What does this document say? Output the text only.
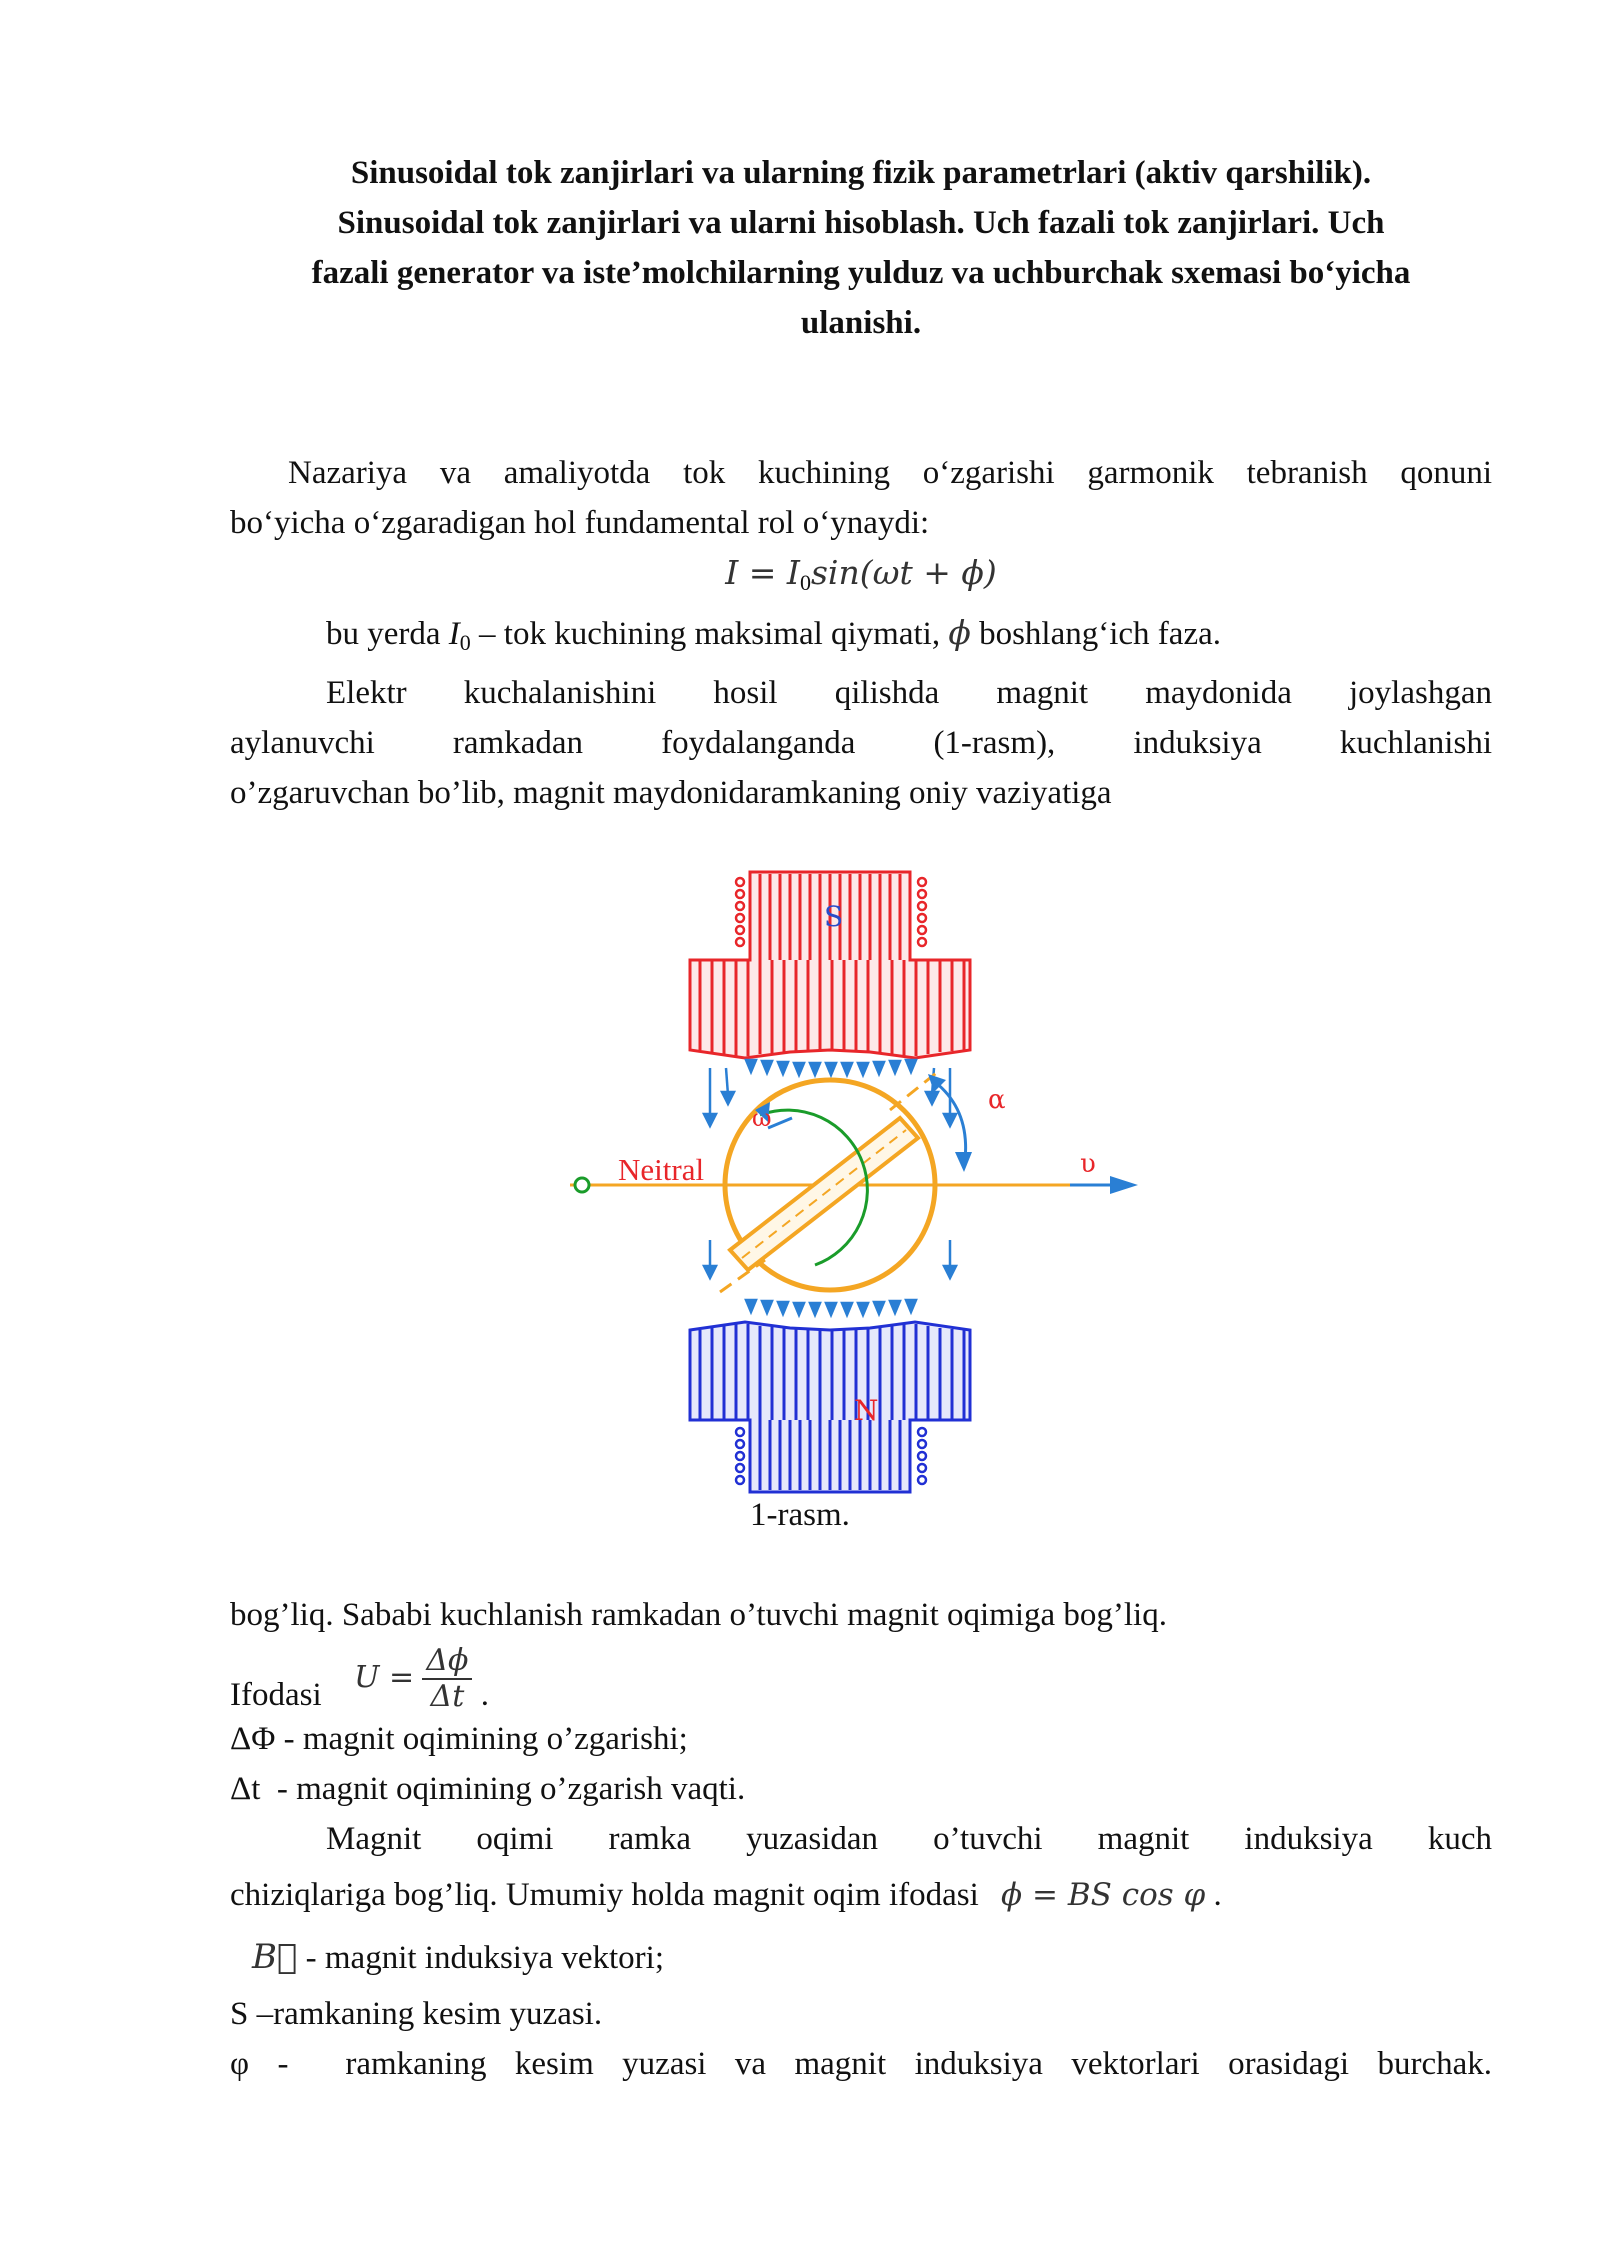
Sinusoidal tok zanjirlari va ularning fizik parametrlari (aktiv qarshilik).

Sinusoidal tok zanjirlari va ularni hisoblash. Uch fazali tok zanjirlari. Uch

fazali generator va iste’molchilarning yulduz va uchburchak sxemasi bo‘yicha

ulanishi.

Nazariya va amaliyotda tok kuchining o‘zgarishi garmonik tebranish qonuni

bo‘yicha o‘zgaradigan hol fundamental rol o‘ynaydi:

$I = I_0\sin(\omega t + \phi)$

bu yerda $I_0$ – tok kuchining maksimal qiymati, ϕ boshlang‘ich faza.

Elektr kuchalanishini hosil qilishda magnit maydonida joylashgan

aylanuvchi ramkadan foydalanganda (1-rasm), induksiya kuchlanishi

o’zgaruvchan bo’lib, magnit maydonidaramkaning oniy vaziyatiga

S
N
Neitral
ω
α
υ
1-rasm.

bog’liq. Sababi kuchlanish ramkadan o’tuvchi magnit oqimiga bog’liq.

Ifodasi $U = \frac{\Delta\phi}{\Delta t}$ .

ΔΦ - magnit oqimining o’zgarishi;

Δt  - magnit oqimining o’zgarish vaqti.

Magnit oqimi ramka yuzasidan o’tuvchi magnit induksiya kuch

chiziqlariga bog’liq. Umumiy holda magnit oqim ifodasi ϕ = BS cos φ .

B⃗ - magnit induksiya vektori;

S –ramkaning kesim yuzasi.

φ -  ramkaning kesim yuzasi va magnit induksiya vektorlari orasidagi burchak.
